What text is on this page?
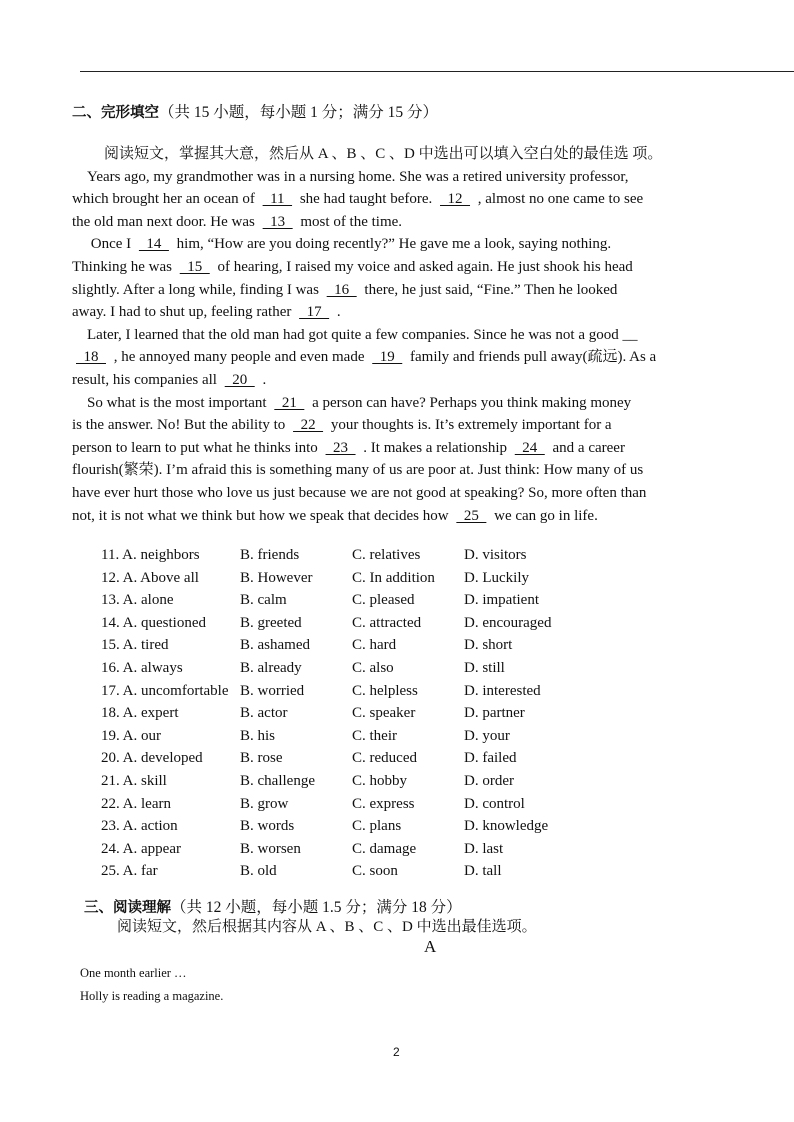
二、完形填空（共 15 小题，每小题 1 分；满分 15 分）
阅读短文，掌握其大意，然后从 A 、B 、C 、D 中选出可以填入空白处的最佳选 项。
Years ago, my grandmother was in a nursing home. She was a retired university professor,
which brought her an ocean of   11   she had taught before.   12   , almost no one came to see
the old man next door. He was   13   most of the time.
Once I   14   him, “How are you doing recently?” He gave me a look, saying nothing.
Thinking he was   15   of hearing, I raised my voice and asked again. He just shook his head
slightly. After a long while, finding I was   16   there, he just said, “Fine.” Then he looked
away. I had to shut up, feeling rather   17   .
Later, I learned that the old man had got quite a few companies. Since he was not a good __
18   , he annoyed many people and even made   19   family and friends pull away(疏远). As a
result, his companies all   20   .
So what is the most important   21   a person can have? Perhaps you think making money
is the answer. No! But the ability to   22   your thoughts is. It’s extremely important for a
person to learn to put what he thinks into   23   . It makes a relationship   24   and a career
flourish(繁荣). I’m afraid this is something many of us are poor at. Just think: How many of us
have ever hurt those who love us just because we are not good at speaking? So, more often than
not, it is not what we think but how we speak that decides how   25   we can go in life.
11. A. neighbors	B. friends	C. relatives	D. visitors
12. A. Above all	B. However	C. In addition D. Luckily
13. A. alone	B. calm	C. pleased	D. impatient
14. A. questioned B. greeted	C. attracted	D. encouraged
15. A. tired	B. ashamed	C. hard	D. short
16. A. always	B. already	C. also	D. still
17. A. uncomfortable B. worried	C. helpless	D. interested
18. A. expert	B. actor	C. speaker	D. partner
19. A. our	B. his	C. their	D. your
20. A. developed B. rose	C. reduced	D. failed
21. A. skill	B. challenge C. hobby	D. order
22. A. learn	B. grow	C. express	D. control
23. A. action	B. words	C. plans	D. knowledge
24. A. appear	B. worsen	C. damage	D. last
25. A. far	B. old	C. soon	D. tall
三、阅读理解（共 12 小题，每小题 1.5 分；满分 18 分）
阅读短文，然后根据其内容从 A 、B 、C 、D 中选出最佳选项。
A
One month earlier …
Holly is reading a magazine.
2
